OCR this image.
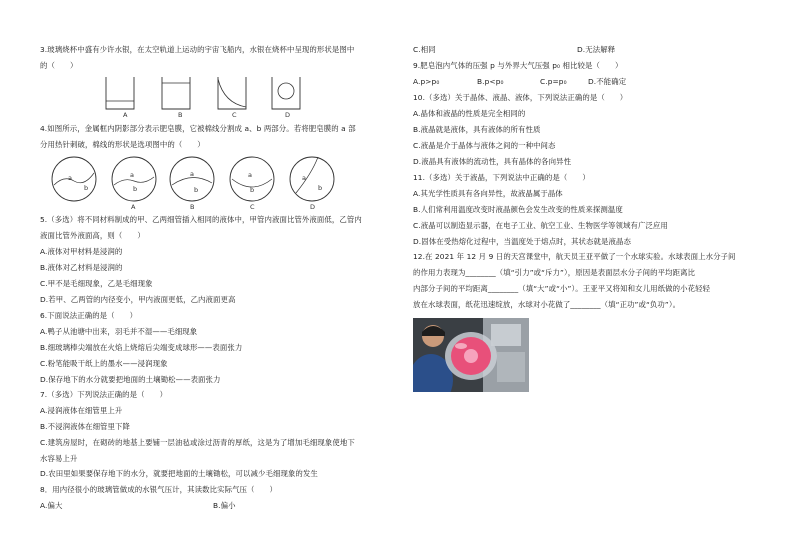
3.玻璃烧杯中盛有少许水银，在太空轨道上运动的宇宙飞船内，水银在烧杯中呈现的形状是图中
的（　　）
A	B	C	D
4.如图所示，金属框内阴影部分表示肥皂膜，它被棉线分割成 a、b 两部分。若将肥皂膜的 a 部
分用热针刺破，棉线的形状是选项图中的（　　）
a
b
a
b
a
b
a
b
a
b
A	B	C	D
5.（多选）将不同材料制成的甲、乙两细管插入相同的液体中，甲管内液面比管外液面低，乙管内
液面比管外液面高，则（　　）
A.液体对甲材料是浸润的
B.液体对乙材料是浸润的
C.甲不是毛细现象，乙是毛细现象
D.若甲、乙两管的内径变小，甲内液面更低，乙内液面更高
6.下面说法正确的是（　　）
A.鸭子从池塘中出来，羽毛并不湿——毛细现象
B.细玻璃棒尖端放在火焰上烧熔后尖端变成球形——表面张力
C.粉笔能吸干纸上的墨水——浸润现象
D.保存地下的水分就要把地面的土壤锄松——表面张力
7.（多选）下列说法正确的是（　　）
A.浸润液体在细管里上升
B.不浸润液体在细管里下降
C.建筑房屋时，在砌砖的地基上要铺一层油毡或涂过沥青的厚纸，这是为了增加毛细现象使地下
水容易上升
D.农田里如果要保存地下的水分，就要把地面的土壤锄松，可以减少毛细现象的发生
8．用内径很小的玻璃管做成的水银气压计，其读数比实际气压（　　）
A.偏大	B.偏小
C.相同	D.无法解释
9.肥皂泡内气体的压强 p 与外界大气压强 p₀ 相比较是（　　）
A.p>p₀	B.p<p₀	C.p=p₀	D.不能确定
10.（多选）关于晶体、液晶、液体，下列说法正确的是（　　）
A.晶体和液晶的性质是完全相同的
B.液晶就是液体，具有液体的所有性质
C.液晶是介于晶体与液体之间的一种中间态
D.液晶具有液体的流动性，具有晶体的各向异性
11.（多选）关于液晶，下列说法中正确的是（　　）
A.其光学性质具有各向异性，故液晶属于晶体
B.人们常利用温度改变时液晶颜色会发生改变的性质来探测温度
C.液晶可以制造显示器，在电子工业、航空工业、生物医学等领域有广泛应用
D.固体在受热熔化过程中，当温度处于熔点时，其状态就是液晶态
12.在 2021 年 12 月 9 日的天宫课堂中，航天员王亚平做了一个水球实验。水球表面上水分子间
的作用力表现为________（填“引力”或“斥力”），原因是表面层水分子间的平均距离比
内部分子间的平均距离________（填“大”或“小”）。王亚平又将知和女儿用纸做的小花轻轻
放在水球表面，纸花迅速绽放，水球对小花做了________（填“正功”或“负功”）。
